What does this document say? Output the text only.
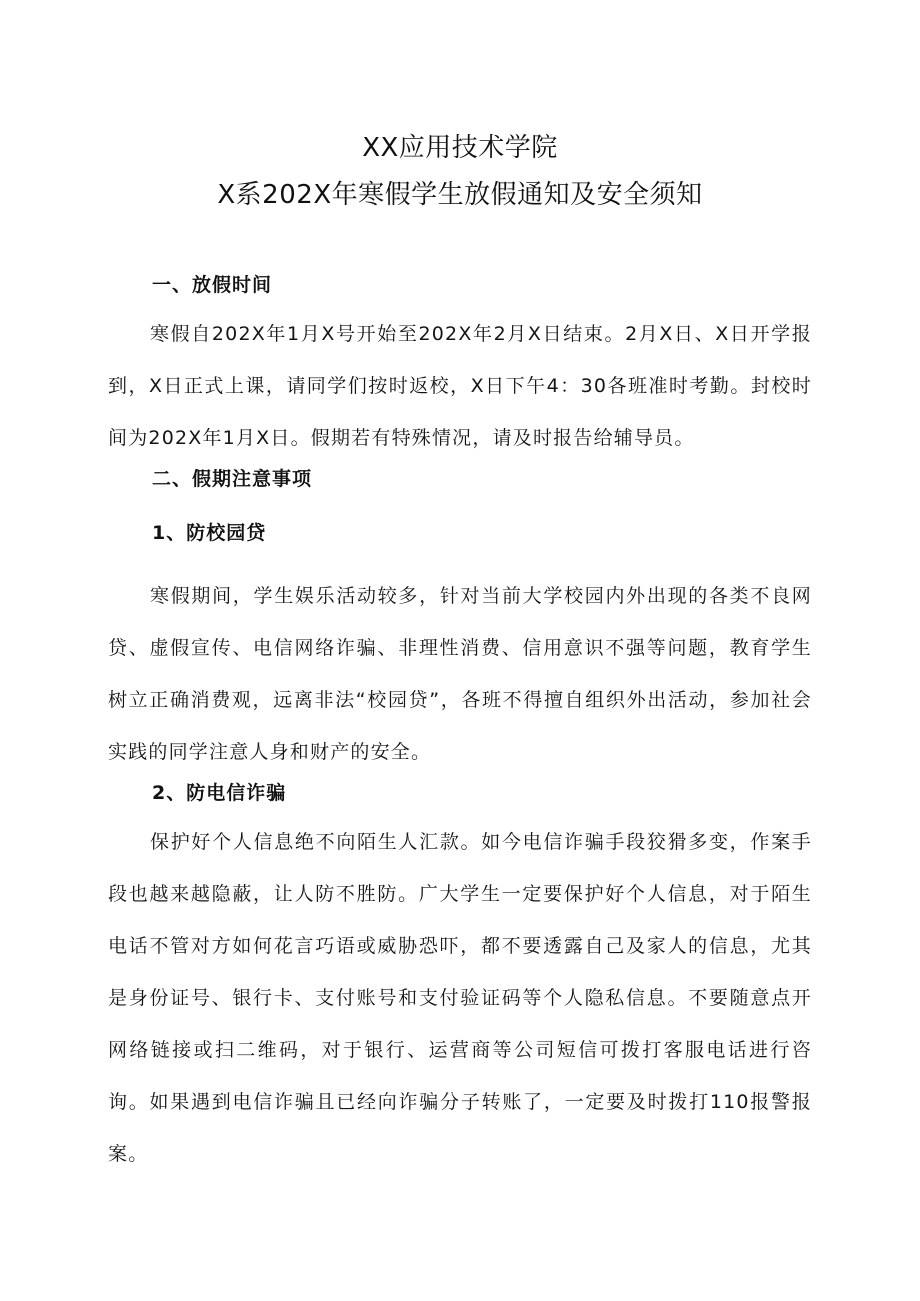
XX应用技术学院
X系202X年寒假学生放假通知及安全须知
一、放假时间

寒假自202X年1月X号开始至202X年2月X日结束。2月X日、X日开学报到，X日正式上课，请同学们按时返校，X日下午4：30各班准时考勤。封校时间为202X年1月X日。假期若有特殊情况，请及时报告给辅导员。

二、假期注意事项
1、防校园贷

寒假期间，学生娱乐活动较多，针对当前大学校园内外出现的各类不良网贷、虚假宣传、电信网络诈骗、非理性消费、信用意识不强等问题，教育学生树立正确消费观，远离非法“校园贷”，各班不得擅自组织外出活动，参加社会实践的同学注意人身和财产的安全。

2、防电信诈骗

保护好个人信息绝不向陌生人汇款。如今电信诈骗手段狡猾多变，作案手段也越来越隐蔽，让人防不胜防。广大学生一定要保护好个人信息，对于陌生电话不管对方如何花言巧语或威胁恐吓，都不要透露自己及家人的信息，尤其是身份证号、银行卡、支付账号和支付验证码等个人隐私信息。不要随意点开网络链接或扫二维码，对于银行、运营商等公司短信可拨打客服电话进行咨询。如果遇到电信诈骗且已经向诈骗分子转账了，一定要及时拨打110报警报案。
